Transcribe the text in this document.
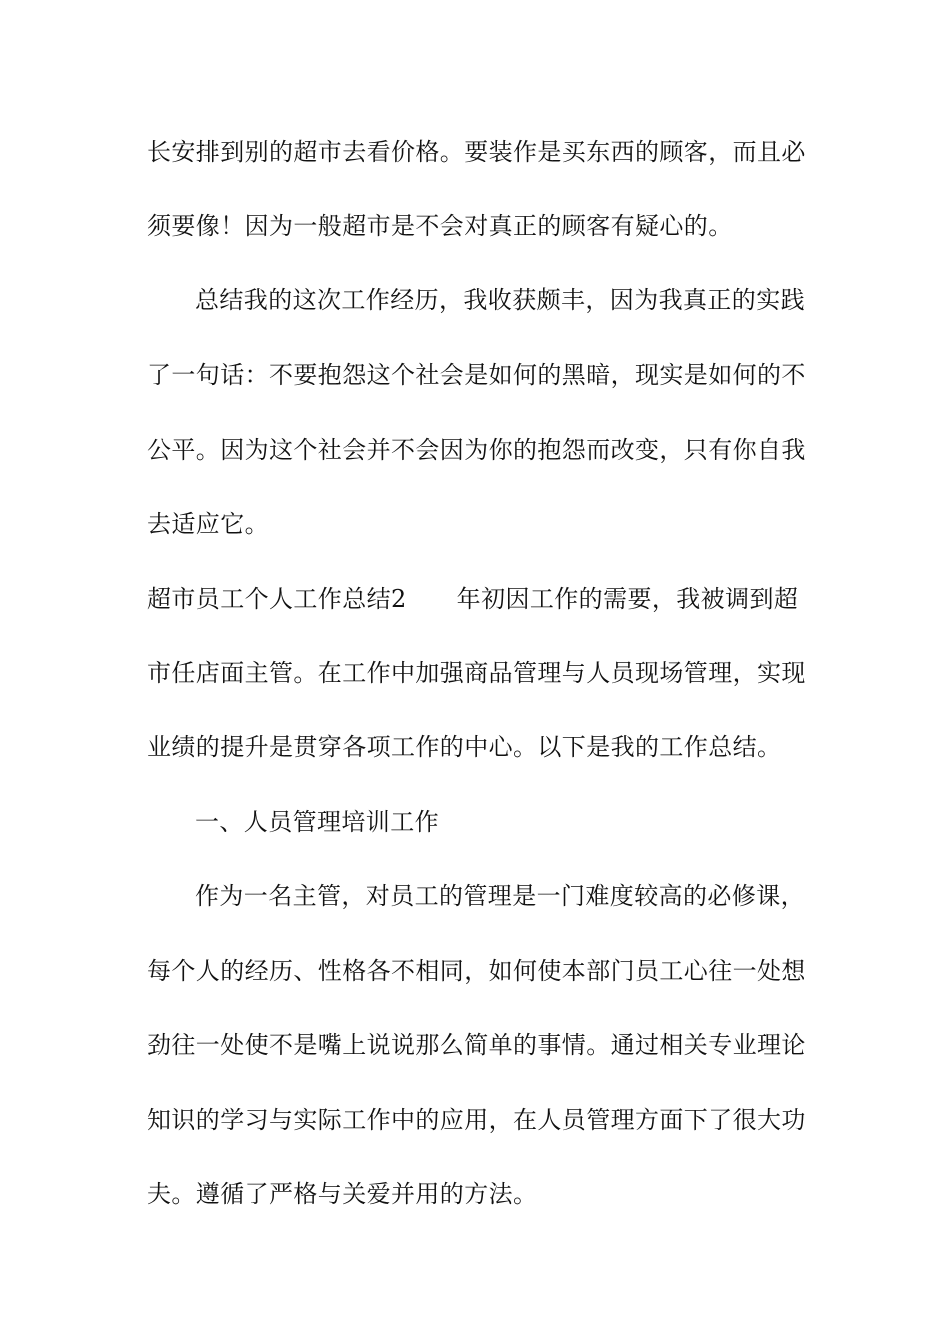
长安排到别的超市去看价格。要装作是买东西的顾客，而且必
须要像！因为一般超市是不会对真正的顾客有疑心的。
总结我的这次工作经历，我收获颇丰，因为我真正的实践
了一句话：不要抱怨这个社会是如何的黑暗，现实是如何的不
公平。因为这个社会并不会因为你的抱怨而改变，只有你自我
去适应它。
超市员工个人工作总结2 年初因工作的需要，我被调到超
市任店面主管。在工作中加强商品管理与人员现场管理，实现
业绩的提升是贯穿各项工作的中心。以下是我的工作总结。
一、人员管理培训工作
作为一名主管，对员工的管理是一门难度较高的必修课，
每个人的经历、性格各不相同，如何使本部门员工心往一处想
劲往一处使不是嘴上说说那么简单的事情。通过相关专业理论
知识的学习与实际工作中的应用，在人员管理方面下了很大功
夫。遵循了严格与关爱并用的方法。
